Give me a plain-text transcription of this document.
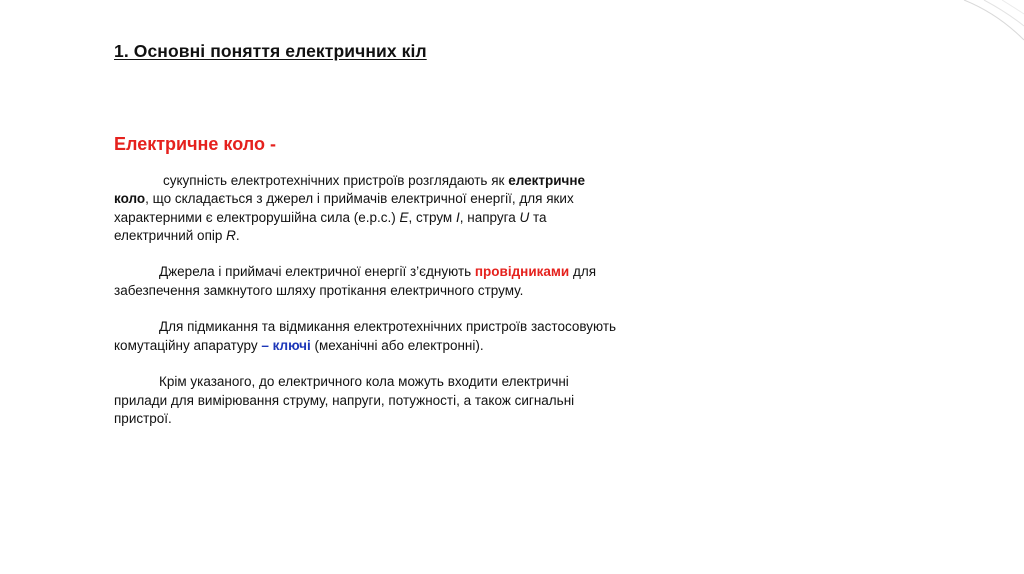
1. Основні поняття електричних кіл
Електричне коло -

сукупність електротехнічних пристроїв розглядають як електричне
коло, що складається з джерел і приймачів електричної енергії, для яких
характерними є електрорушійна сила (е.р.с.) E, струм I, напруга U та
електричний опір R.

Джерела і приймачі електричної енергії з’єднують провідниками для
забезпечення замкнутого шляху протікання електричного струму.

Для підмикання та відмикання електротехнічних пристроїв застосовують
комутаційну апаратуру – ключі (механічні або електронні).

Крім указаного, до електричного кола можуть входити електричні
прилади для вимірювання струму, напруги, потужності, а також сигнальні
пристрої.
